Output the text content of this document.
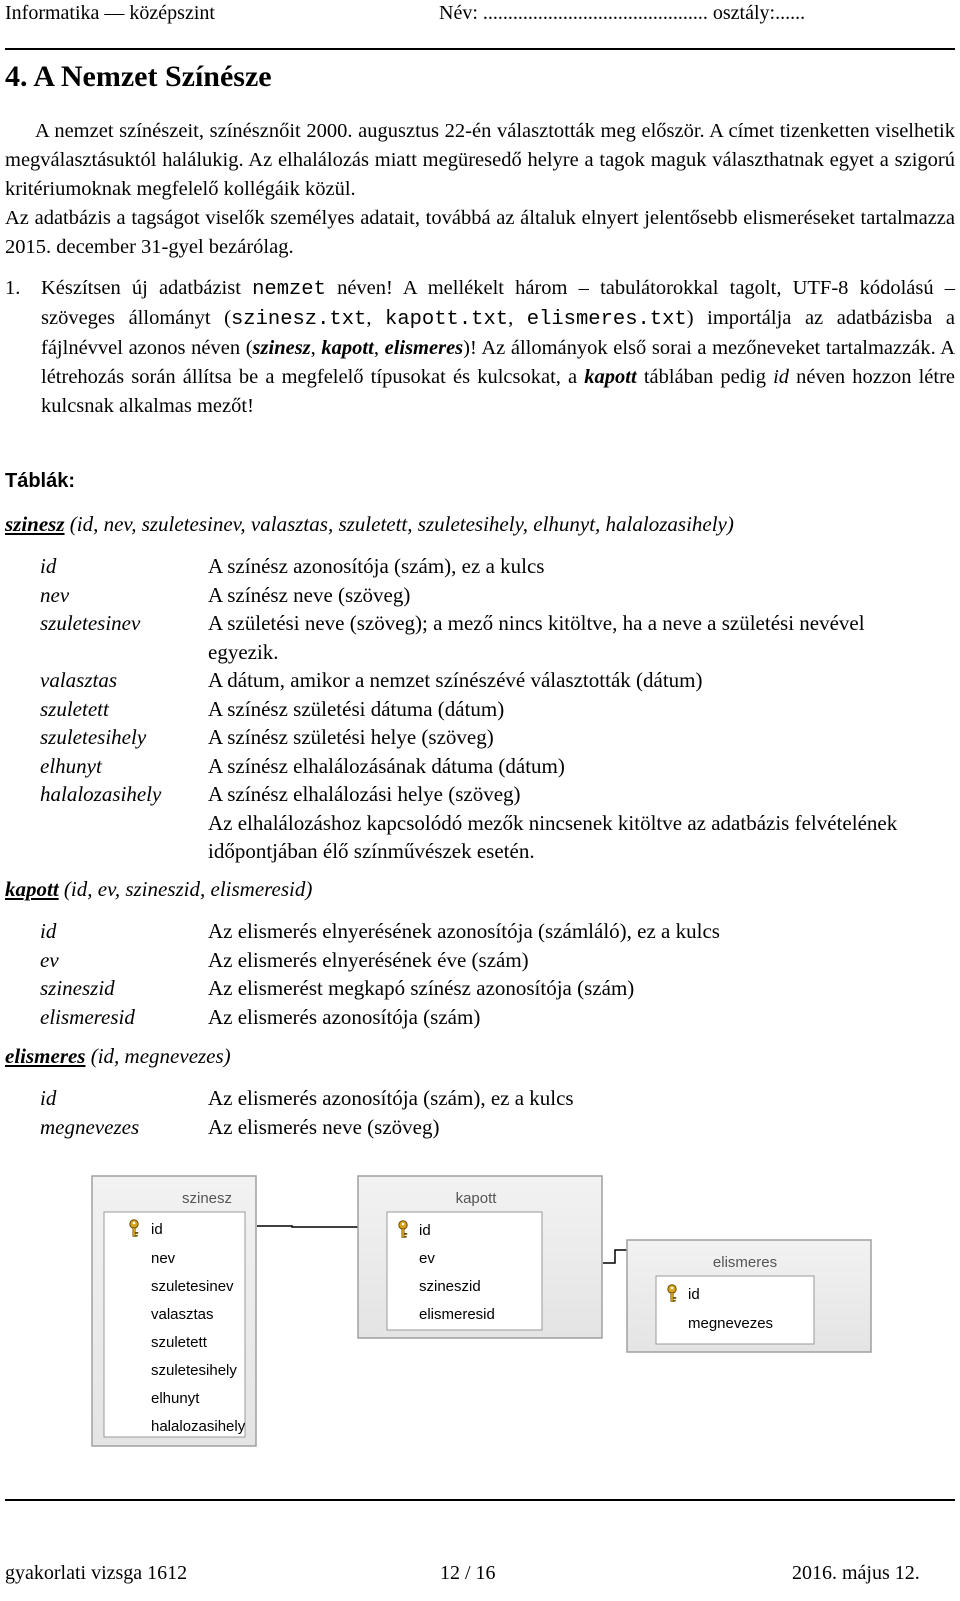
Informatika — középszint	Név: ............................................. osztály:......
4. A Nemzet Színésze

A nemzet színészeit, színésznőit 2000. augusztus 22-én választották meg először. A címet tizenketten viselhetik megválasztásuktól halálukig. Az elhalálozás miatt megüresedő helyre a tagok maguk választhatnak egyet a szigorú kritériumoknak megfelelő kollégáik közül.

Az adatbázis a tagságot viselők személyes adatait, továbbá az általuk elnyert jelentősebb elismeréseket tartalmazza 2015. december 31-gyel bezárólag.

1. Készítsen új adatbázist nemzet néven! A mellékelt három – tabulátorokkal tagolt, UTF-8 kódolású – szöveges állományt (szinesz.txt, kapott.txt, elismeres.txt) importálja az adatbázisba a fájlnévvel azonos néven (szinesz, kapott, elismeres)! Az állományok első sorai a mezőneveket tartalmazzák. A létrehozás során állítsa be a megfelelő típusokat és kulcsokat, a kapott táblában pedig id néven hozzon létre kulcsnak alkalmas mezőt!
Táblák:
szinesz (id, nev, szuletesinev, valasztas, szuletett, szuletesihely, elhunyt, halalozasihely)
id	A színész azonosítója (szám), ez a kulcs
nev	A színész neve (szöveg)
szuletesinev	A születési neve (szöveg); a mező nincs kitöltve, ha a neve a születési nevével egyezik.
valasztas	A dátum, amikor a nemzet színészévé választották (dátum)
szuletett	A színész születési dátuma (dátum)
szuletesihely	A színész születési helye (szöveg)
elhunyt	A színész elhalálozásának dátuma (dátum)
halalozasihely A színész elhalálozási helye (szöveg)
Az elhalálozáshoz kapcsolódó mezők nincsenek kitöltve az adatbázis felvételének időpontjában élő színművészek esetén.
kapott (id, ev, szineszid, elismeresid)
id	Az elismerés elnyerésének azonosítója (számláló), ez a kulcs
ev	Az elismerés elnyerésének éve (szám)
szineszid	Az elismerést megkapó színész azonosítója (szám)
elismeresid	Az elismerés azonosítója (szám)
elismeres (id, megnevezes)
id	Az elismerés azonosítója (szám), ez a kulcs
megnevezes	Az elismerés neve (szöveg)
szinesz
id nev szuletesinev valasztas szuletett szuletesihely elhunyt halalozasihely
kapott
id ev szineszid elismeresid
elismeres
id megnevezes
gyakorlati vizsga 1612	12 / 16	2016. május 12.
